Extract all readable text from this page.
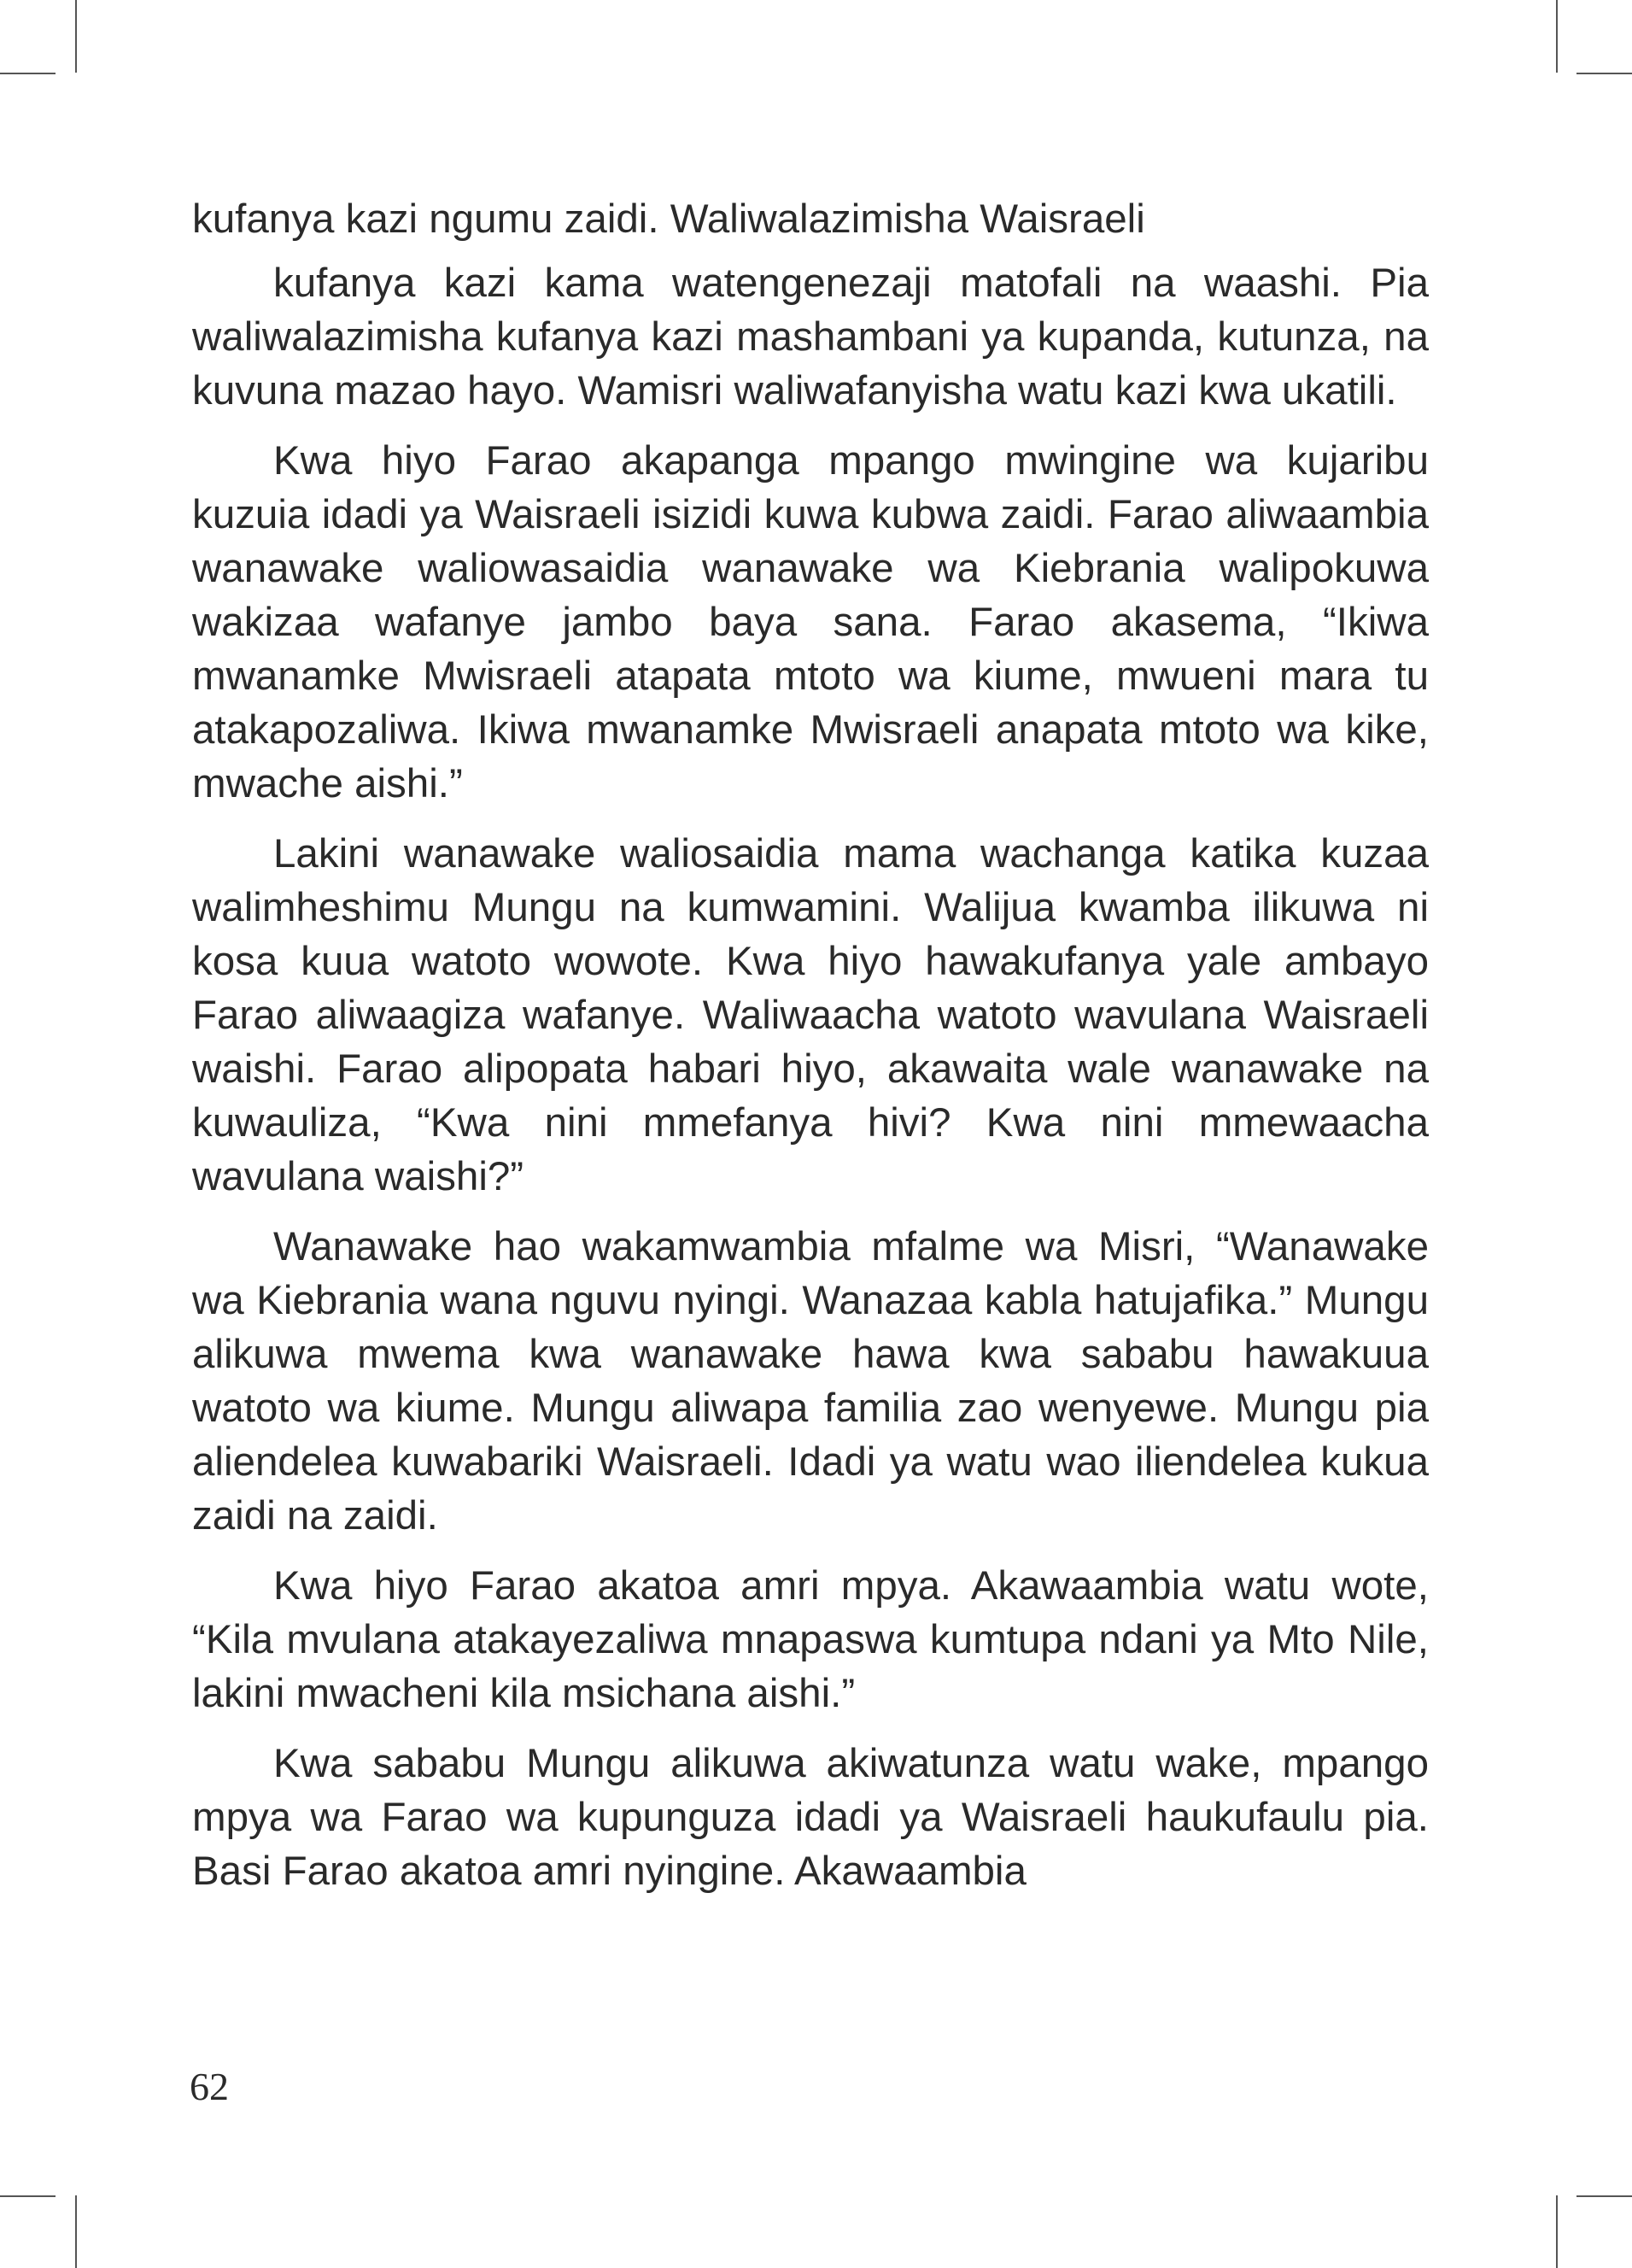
kufanya kazi ngumu zaidi. Waliwalazimisha Waisraeli

kufanya kazi kama watengenezaji matofali na waashi. Pia waliwalazimisha kufanya kazi mashambani ya kupanda, kutunza, na kuvuna mazao hayo. Wamisri waliwafanyisha watu kazi kwa ukatili.

Kwa hiyo Farao akapanga mpango mwingine wa kujaribu kuzuia idadi ya Waisraeli isizidi kuwa kubwa zaidi. Farao aliwaambia wanawake waliowasaidia wanawake wa Kiebrania walipokuwa wakizaa wafanye jambo baya sana. Farao akasema, “Ikiwa mwanamke Mwisraeli atapata mtoto wa kiume, mwueni mara tu atakapozaliwa. Ikiwa mwanamke Mwisraeli anapata mtoto wa kike, mwache aishi.”

Lakini wanawake waliosaidia mama wachanga katika kuzaa walimheshimu Mungu na kumwamini. Walijua kwamba ilikuwa ni kosa kuua watoto wowote. Kwa hiyo hawakufanya yale ambayo Farao aliwaagiza wafanye. Waliwaacha watoto wavulana Waisraeli waishi. Farao alipopata habari hiyo, akawaita wale wanawake na kuwauliza, “Kwa nini mmefanya hivi? Kwa nini mmewaacha wavulana waishi?”

Wanawake hao wakamwambia mfalme wa Misri, “Wanawake wa Kiebrania wana nguvu nyingi. Wanazaa kabla hatujafika.” Mungu alikuwa mwema kwa wanawake hawa kwa sababu hawakuua watoto wa kiume. Mungu aliwapa familia zao wenyewe. Mungu pia aliendelea kuwabariki Waisraeli. Idadi ya watu wao iliendelea kukua zaidi na zaidi.

Kwa hiyo Farao akatoa amri mpya. Akawaambia watu wote, “Kila mvulana atakayezaliwa mnapaswa kumtupa ndani ya Mto Nile, lakini mwacheni kila msichana aishi.”

Kwa sababu Mungu alikuwa akiwatunza watu wake, mpango mpya wa Farao wa kupunguza idadi ya Waisraeli haukufaulu pia. Basi Farao akatoa amri nyingine. Akawaambia

62
